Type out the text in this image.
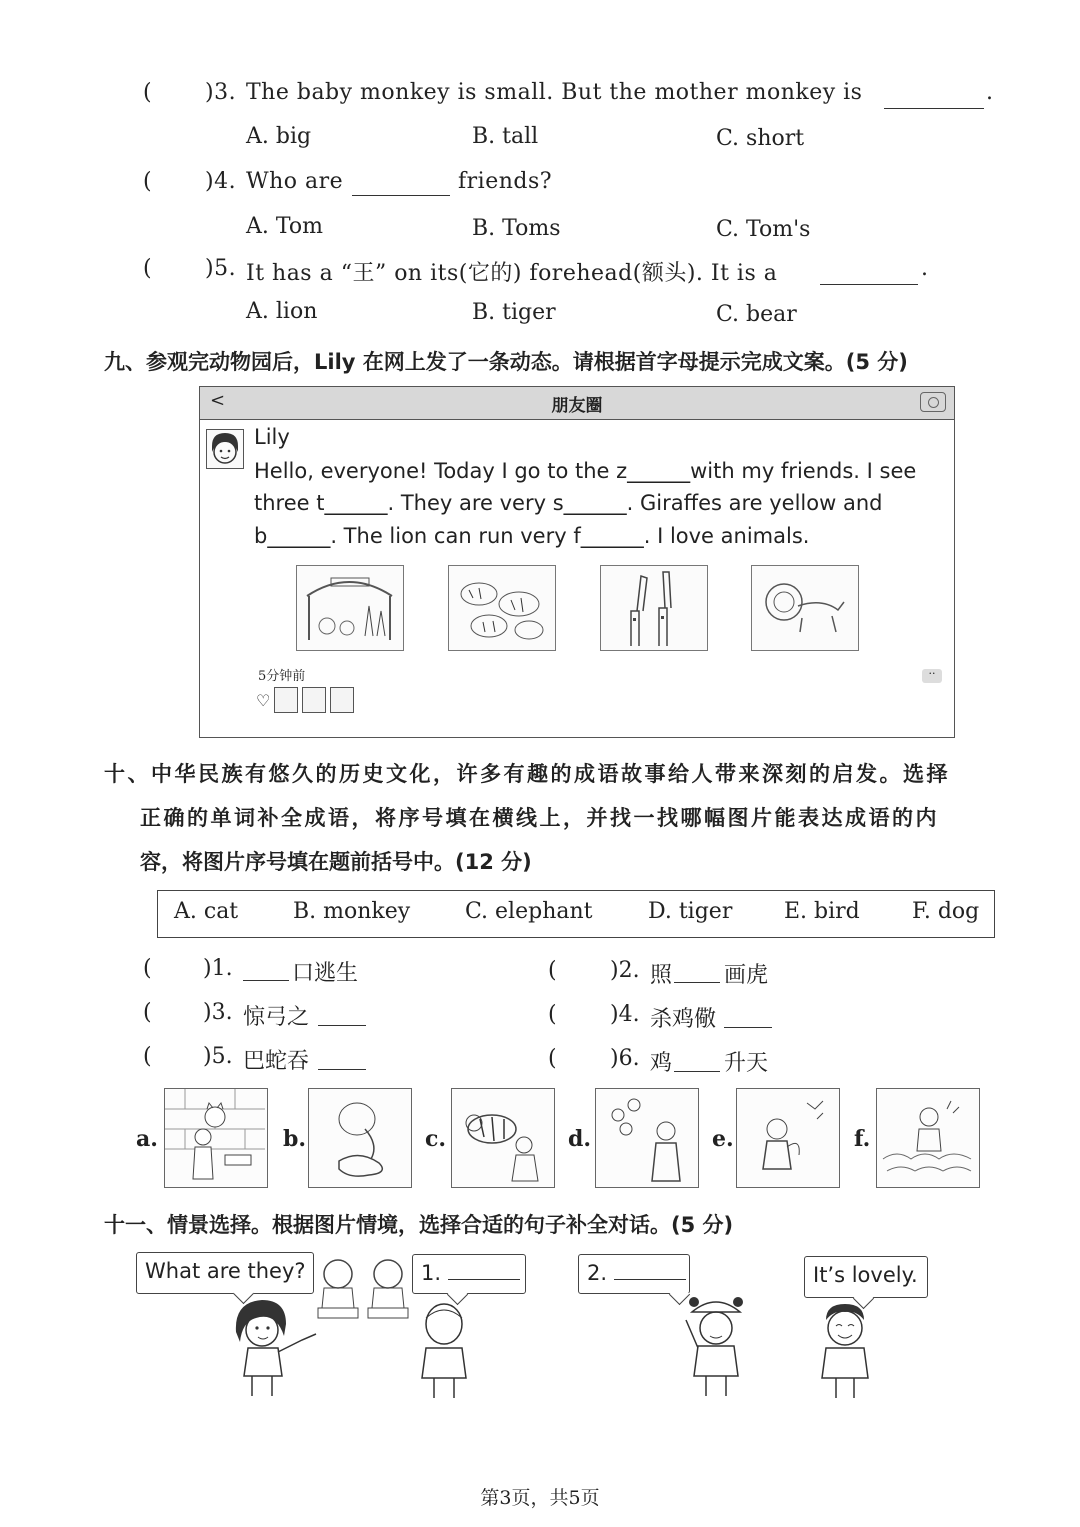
( )3. The baby monkey is small. But the mother monkey is	.
A. big	B. tall	C. short
( )4. Who are	friends?
A. Tom	B. Toms	C. Tom's
( )5. It has a “王” on its(它的) forehead(额头). It is a	.
A. lion	B. tiger	C. bear
九、参观完动物园后，Lily 在网上发了一条动态。请根据首字母提示完成文案。(5 分)
<	朋友圈
Lily
Hello, everyone! Today I go to the z______with my friends. I see
three t______. They are very s______. Giraffes are yellow and
b______. The lion can run very f______. I love animals.
5分钟前
♡
··
十、中华民族有悠久的历史文化，许多有趣的成语故事给人带来深刻的启发。选择
正确的单词补全成语，将序号填在横线上，并找一找哪幅图片能表达成语的内
容，将图片序号填在题前括号中。(12 分)
A. cat B. monkey C. elephant	D. tiger E. bird F. dog
( )1.	口逃生	( )2. 照 画虎
( )3. 惊弓之	( )4. 杀鸡儆
( )5. 巴蛇吞	( )6. 鸡 升天
a.	b.	c.	d.	e.	f.
十一、情景选择。根据图片情境，选择合适的句子补全对话。(5 分)
What are they?	1.	2.	It’s lovely.
第3页，共5页
